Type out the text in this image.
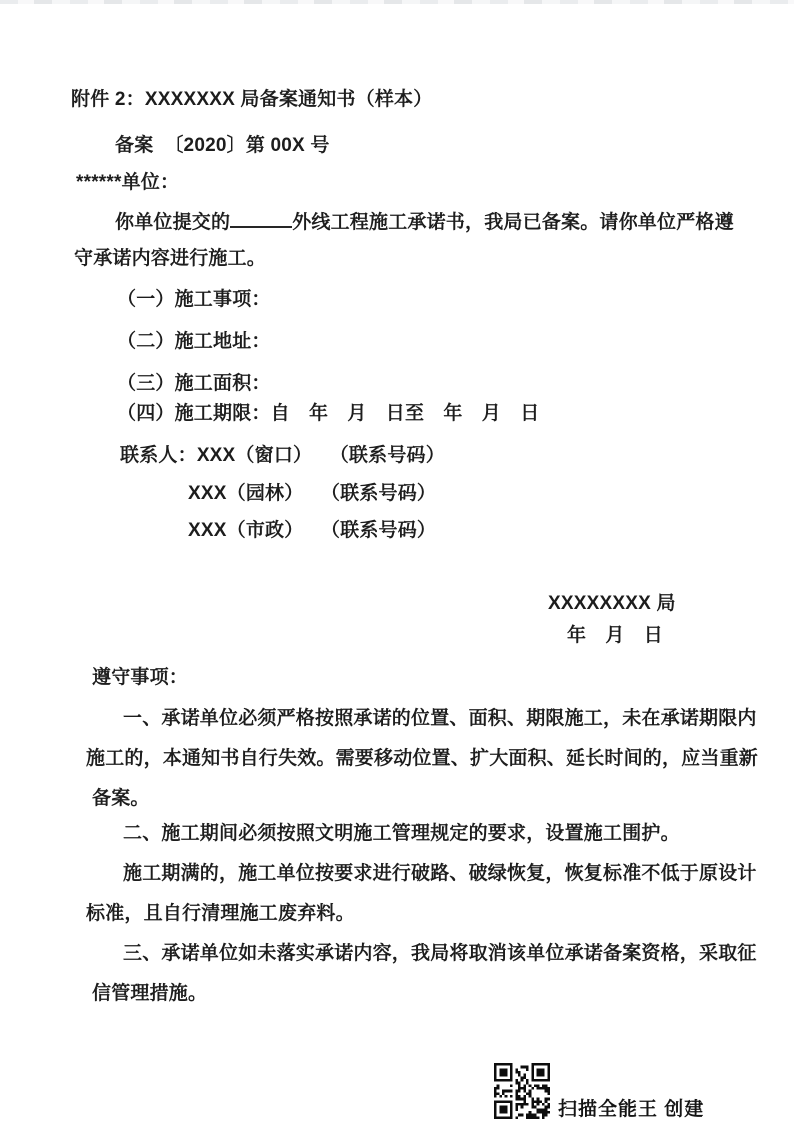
附件 2：XXXXXXX 局备案通知书（样本）
备案  〔2020〕第 00X 号
******单位：
你单位提交的	外线工程施工承诺书，我局已备案。请你单位严格遵
守承诺内容进行施工。
（一）施工事项：
（二）施工地址：
（三）施工面积：
（四）施工期限：自　年　月　日至　年　月　日
联系人：XXX（窗口） （联系号码）
XXX（园林） （联系号码）
XXX（市政） （联系号码）
XXXXXXXX 局
年　月　日
遵守事项：
一、承诺单位必须严格按照承诺的位置、面积、期限施工，未在承诺期限内
施工的，本通知书自行失效。需要移动位置、扩大面积、延长时间的，应当重新
备案。
二、施工期间必须按照文明施工管理规定的要求，设置施工围护。
施工期满的，施工单位按要求进行破路、破绿恢复，恢复标准不低于原设计
标准，且自行清理施工废弃料。
三、承诺单位如未落实承诺内容，我局将取消该单位承诺备案资格，采取征
信管理措施。
扫描全能王 创建
